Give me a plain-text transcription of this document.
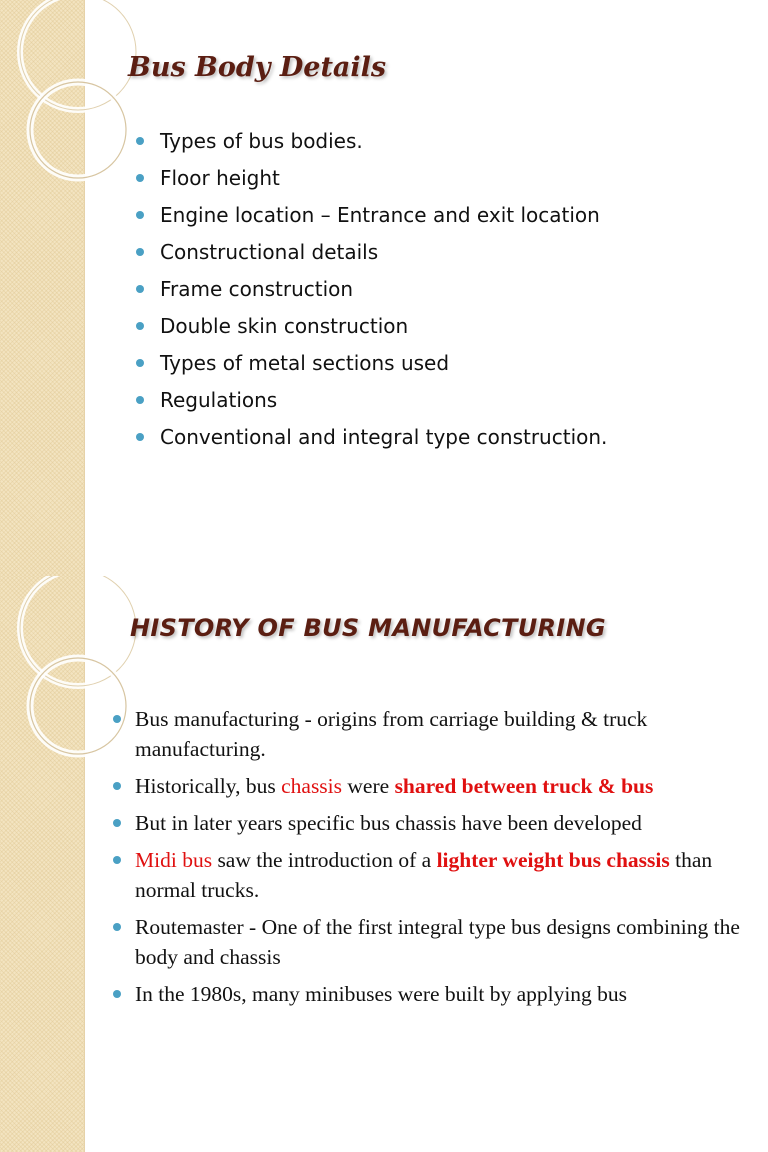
Bus Body Details
Types of bus bodies.
Floor height
Engine location – Entrance and exit location
Constructional details
Frame construction
Double skin construction
Types of metal sections used
Regulations
Conventional and integral type construction.
HISTORY OF BUS MANUFACTURING
Bus manufacturing - origins from carriage building & truck manufacturing.
Historically, bus chassis were shared between truck & bus
But in later years specific bus chassis have been developed
Midi bus saw the introduction of a lighter weight bus chassis than normal trucks.
Routemaster - One of the first integral type bus designs combining the body and chassis
In the 1980s, many minibuses were built by applying bus
